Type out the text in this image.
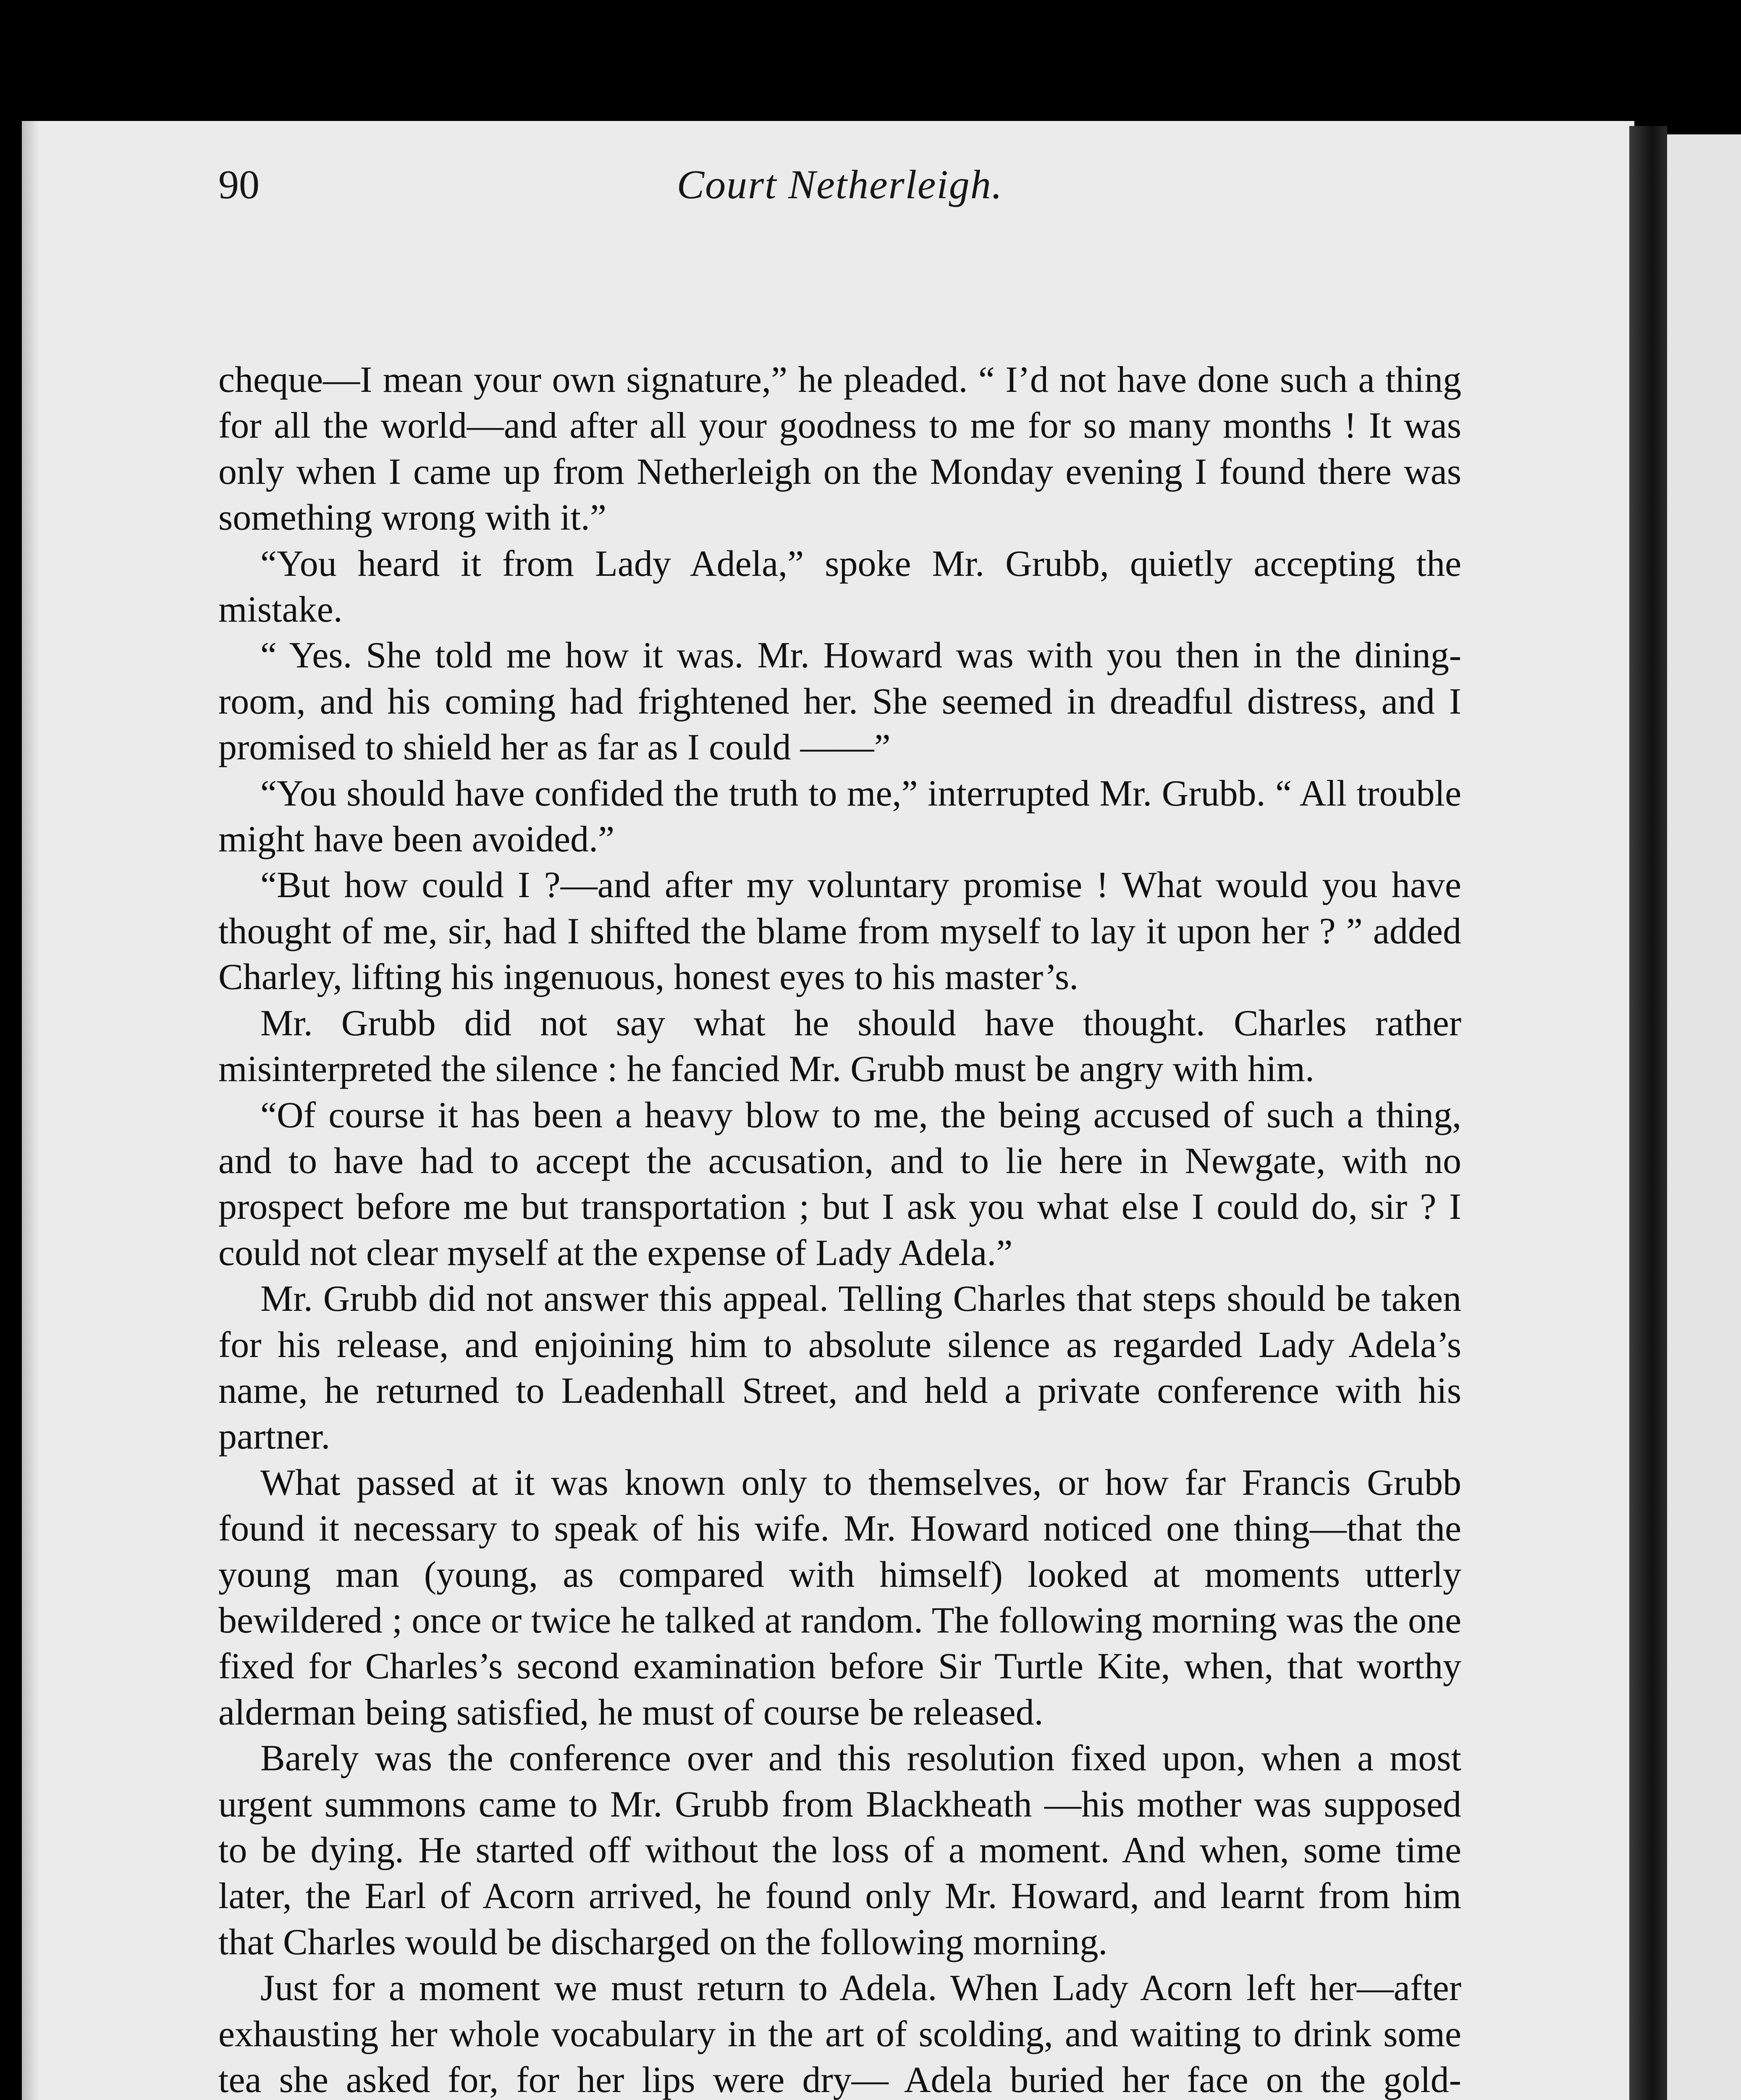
Court Netherleigh.
90

cheque—I mean your own signature,” he pleaded. “ I’d not have done such a thing for all the world—and after all your goodness to me for so many months ! It was only when I came up from Netherleigh on the Monday evening I found there was something wrong with it.”

“You heard it from Lady Adela,” spoke Mr. Grubb, quietly accepting the mistake.

“ Yes. She told me how it was. Mr. Howard was with you then in the dining-room, and his coming had frightened her. She seemed in dreadful distress, and I promised to shield her as far as I could ——”

“You should have confided the truth to me,” interrupted Mr. Grubb. “ All trouble might have been avoided.”

“But how could I ?—and after my voluntary promise ! What would you have thought of me, sir, had I shifted the blame from myself to lay it upon her ? ” added Charley, lifting his ingenuous, honest eyes to his master’s.

Mr. Grubb did not say what he should have thought. Charles rather misinterpreted the silence : he fancied Mr. Grubb must be angry with him.

“Of course it has been a heavy blow to me, the being accused of such a thing, and to have had to accept the accusation, and to lie here in Newgate, with no prospect before me but transportation ; but I ask you what else I could do, sir ? I could not clear myself at the expense of Lady Adela.”

Mr. Grubb did not answer this appeal. Telling Charles that steps should be taken for his release, and enjoining him to absolute silence as regarded Lady Adela’s name, he returned to Leadenhall Street, and held a private conference with his partner.

What passed at it was known only to themselves, or how far Francis Grubb found it necessary to speak of his wife. Mr. Howard noticed one thing—that the young man (young, as compared with himself) looked at moments utterly bewildered ; once or twice he talked at random. The following morning was the one fixed for Charles’s second examination before Sir Turtle Kite, when, that worthy alderman being satisfied, he must of course be released.

Barely was the conference over and this resolution fixed upon, when a most urgent summons came to Mr. Grubb from Blackheath —his mother was supposed to be dying. He started off without the loss of a moment. And when, some time later, the Earl of Acorn arrived, he found only Mr. Howard, and learnt from him that Charles would be discharged on the following morning.

Just for a moment we must return to Adela. When Lady Acorn left her—after exhausting her whole vocabulary in the art of scolding, and waiting to drink some tea she asked for, for her lips were dry— Adela buried her face on the gold-
